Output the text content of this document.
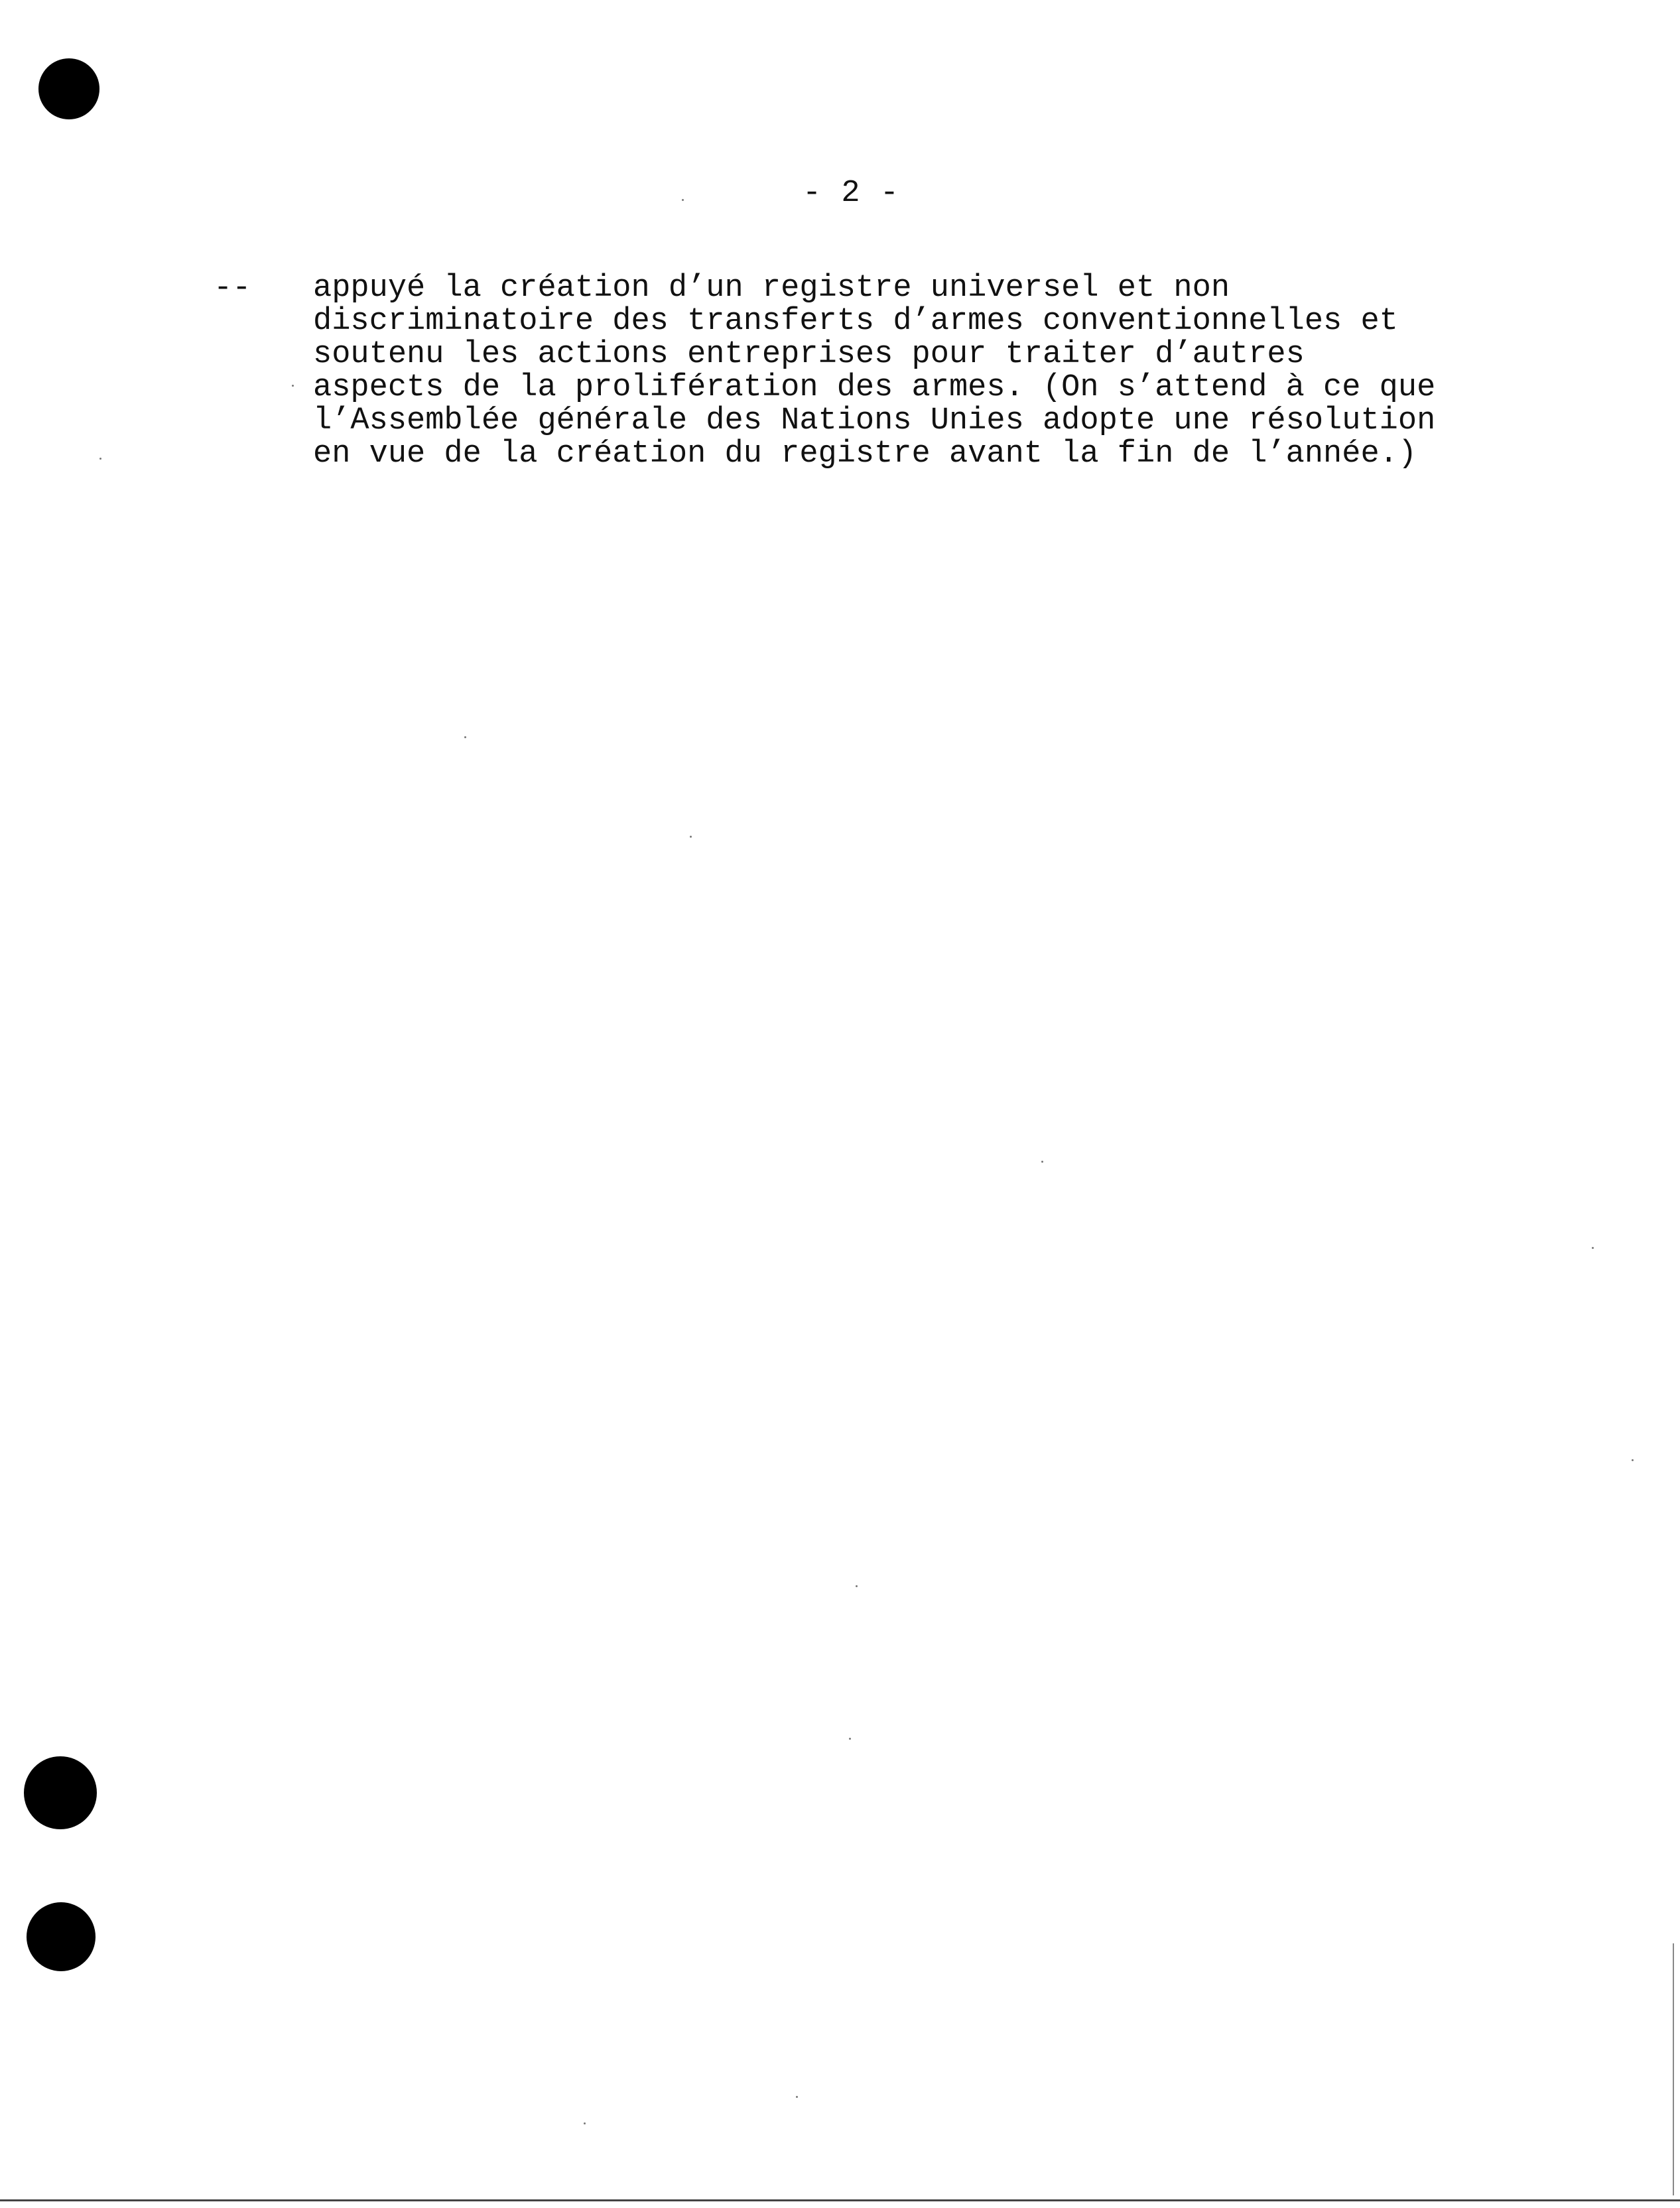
- 2 -
-- appuyé la création d’un registre universel et non
discriminatoire des transferts d’armes conventionnelles et
soutenu les actions entreprises pour traiter d’autres
aspects de la prolifération des armes. (On s’attend à ce que
l’Assemblée générale des Nations Unies adopte une résolution
en vue de la création du registre avant la fin de l’année.)
